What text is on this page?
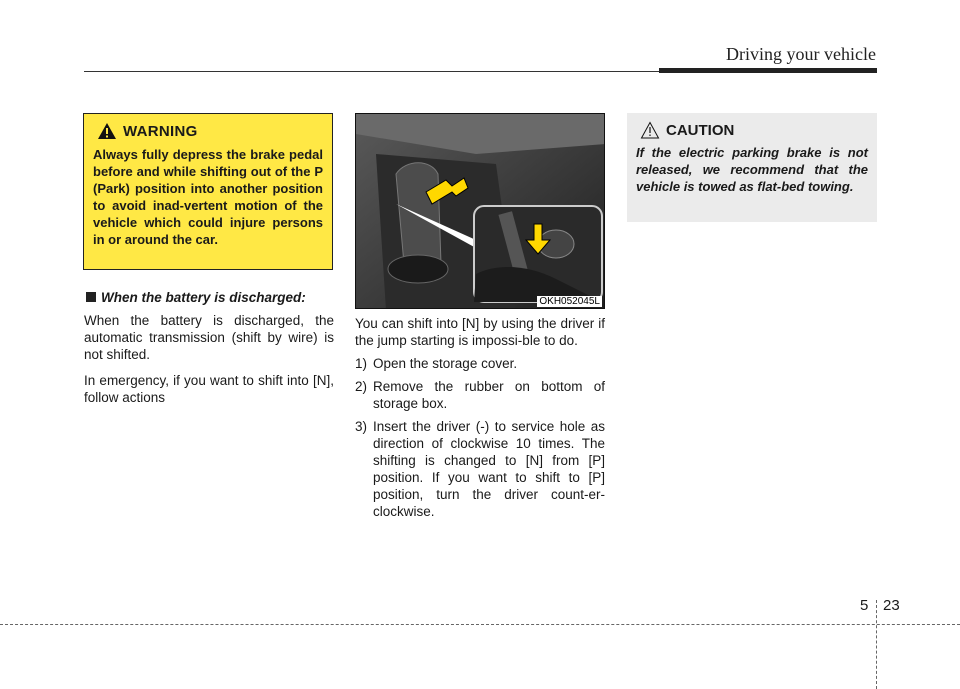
Driving your vehicle
WARNING
Always fully depress the brake pedal before and while shifting out of the P (Park) position into another position to avoid inad-vertent motion of the vehicle which could injure persons in or around the car.
When the battery is discharged:

When the battery is discharged, the automatic transmission (shift by wire) is not shifted.

In emergency, if you want to shift into [N], follow actions

OKH052045L

You can shift into [N] by using the driver if the jump starting is impossi-ble to do.

1) Open the storage cover.
2) Remove the rubber on bottom of storage box.
3) Insert the driver (-) to service hole as direction of clockwise 10 times. The shifting is changed to [N] from [P] position. If you want to shift to [P] position, turn the driver count-er-clockwise.
CAUTION
If the electric parking brake is not released, we recommend that the vehicle is towed as flat-bed towing.
5 23
